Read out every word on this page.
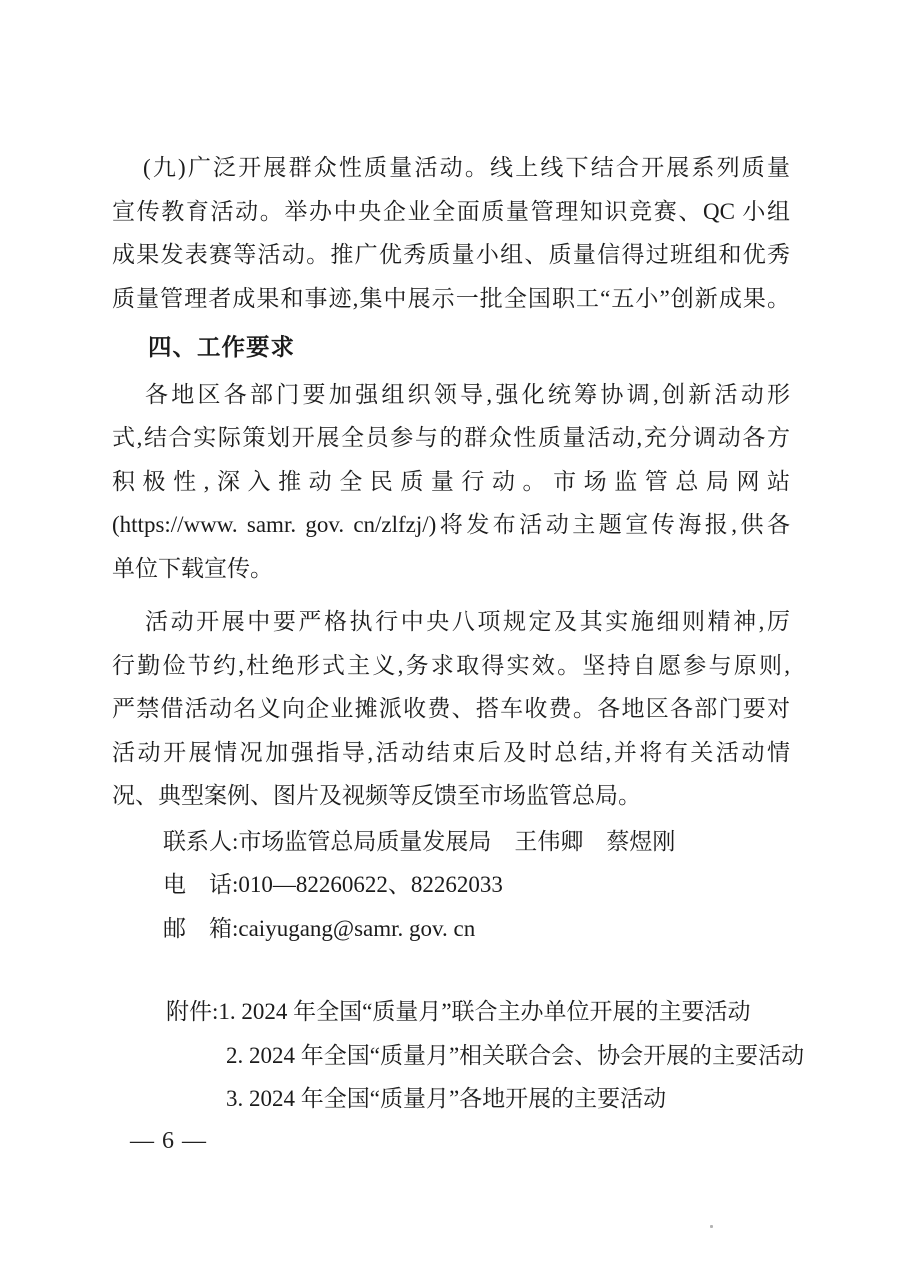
(九)广泛开展群众性质量活动。线上线下结合开展系列质量
宣传教育活动。举办中央企业全面质量管理知识竞赛、QC 小组
成果发表赛等活动。推广优秀质量小组、质量信得过班组和优秀
质量管理者成果和事迹,集中展示一批全国职工“五小”创新成果。
四、工作要求
各地区各部门要加强组织领导,强化统筹协调,创新活动形
式,结合实际策划开展全员参与的群众性质量活动,充分调动各方
积极性,深入推动全民质量行动。市场监管总局网站
(https://www. samr. gov. cn/zlfzj/)将发布活动主题宣传海报,供各
单位下载宣传。
活动开展中要严格执行中央八项规定及其实施细则精神,厉
行勤俭节约,杜绝形式主义,务求取得实效。坚持自愿参与原则,
严禁借活动名义向企业摊派收费、搭车收费。各地区各部门要对
活动开展情况加强指导,活动结束后及时总结,并将有关活动情
况、典型案例、图片及视频等反馈至市场监管总局。
联系人:市场监管总局质量发展局　王伟卿　蔡煜刚
电　话:010—82260622、82262033
邮　箱:caiyugang@samr. gov. cn
附件: 1. 2024 年全国“质量月”联合主办单位开展的主要活动
2. 2024 年全国“质量月”相关联合会、协会开展的主要活动
3. 2024 年全国“质量月”各地开展的主要活动
— 6 —
